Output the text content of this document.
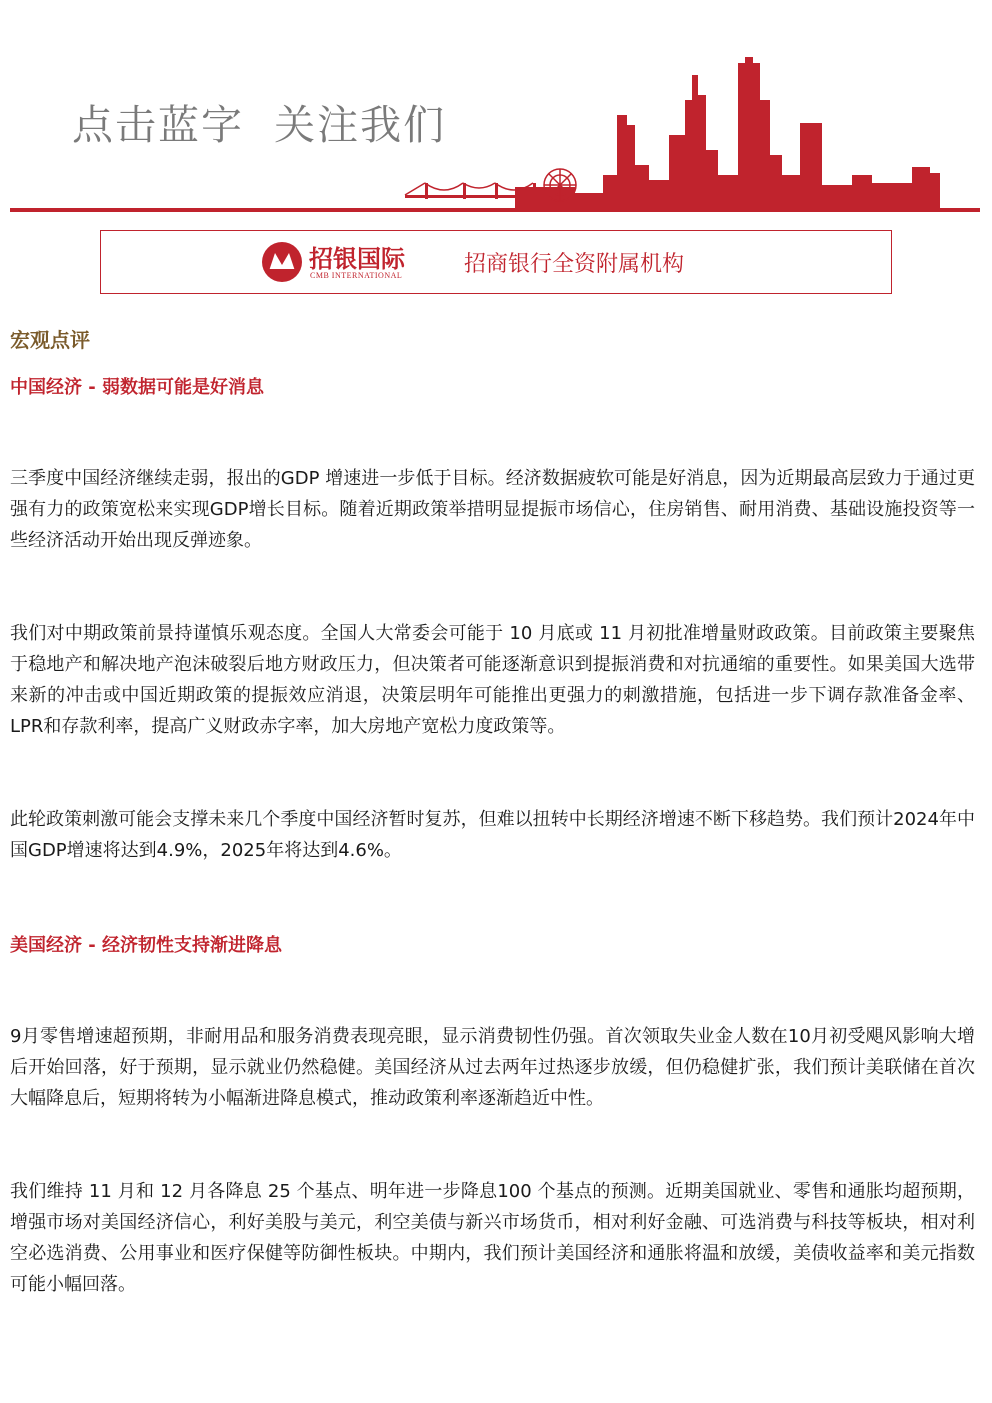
点击蓝字  关注我们
招银国际
CMB INTERNATIONAL	招商银行全资附属机构
宏观点评
中国经济 - 弱数据可能是好消息

三季度中国经济继续走弱，报出的GDP 增速进一步低于目标。经济数据疲软可能是好消息，因为近期最高层致力于通过更强有力的政策宽松来实现GDP增长目标。随着近期政策举措明显提振市场信心，住房销售、耐用消费、基础设施投资等一些经济活动开始出现反弹迹象。

我们对中期政策前景持谨慎乐观态度。全国人大常委会可能于 10 月底或 11 月初批准增量财政政策。目前政策主要聚焦于稳地产和解决地产泡沫破裂后地方财政压力，但决策者可能逐渐意识到提振消费和对抗通缩的重要性。如果美国大选带来新的冲击或中国近期政策的提振效应消退，决策层明年可能推出更强力的刺激措施，包括进一步下调存款准备金率、LPR和存款利率，提高广义财政赤字率，加大房地产宽松力度政策等。

此轮政策刺激可能会支撑未来几个季度中国经济暂时复苏，但难以扭转中长期经济增速不断下移趋势。我们预计2024年中国GDP增速将达到4.9%，2025年将达到4.6%。

美国经济 - 经济韧性支持渐进降息

9月零售增速超预期，非耐用品和服务消费表现亮眼，显示消费韧性仍强。首次领取失业金人数在10月初受飓风影响大增后开始回落，好于预期，显示就业仍然稳健。美国经济从过去两年过热逐步放缓，但仍稳健扩张，我们预计美联储在首次大幅降息后，短期将转为小幅渐进降息模式，推动政策利率逐渐趋近中性。

我们维持 11 月和 12 月各降息 25 个基点、明年进一步降息100 个基点的预测。近期美国就业、零售和通胀均超预期，增强市场对美国经济信心，利好美股与美元，利空美债与新兴市场货币，相对利好金融、可选消费与科技等板块，相对利空必选消费、公用事业和医疗保健等防御性板块。中期内，我们预计美国经济和通胀将温和放缓，美债收益率和美元指数可能小幅回落。
